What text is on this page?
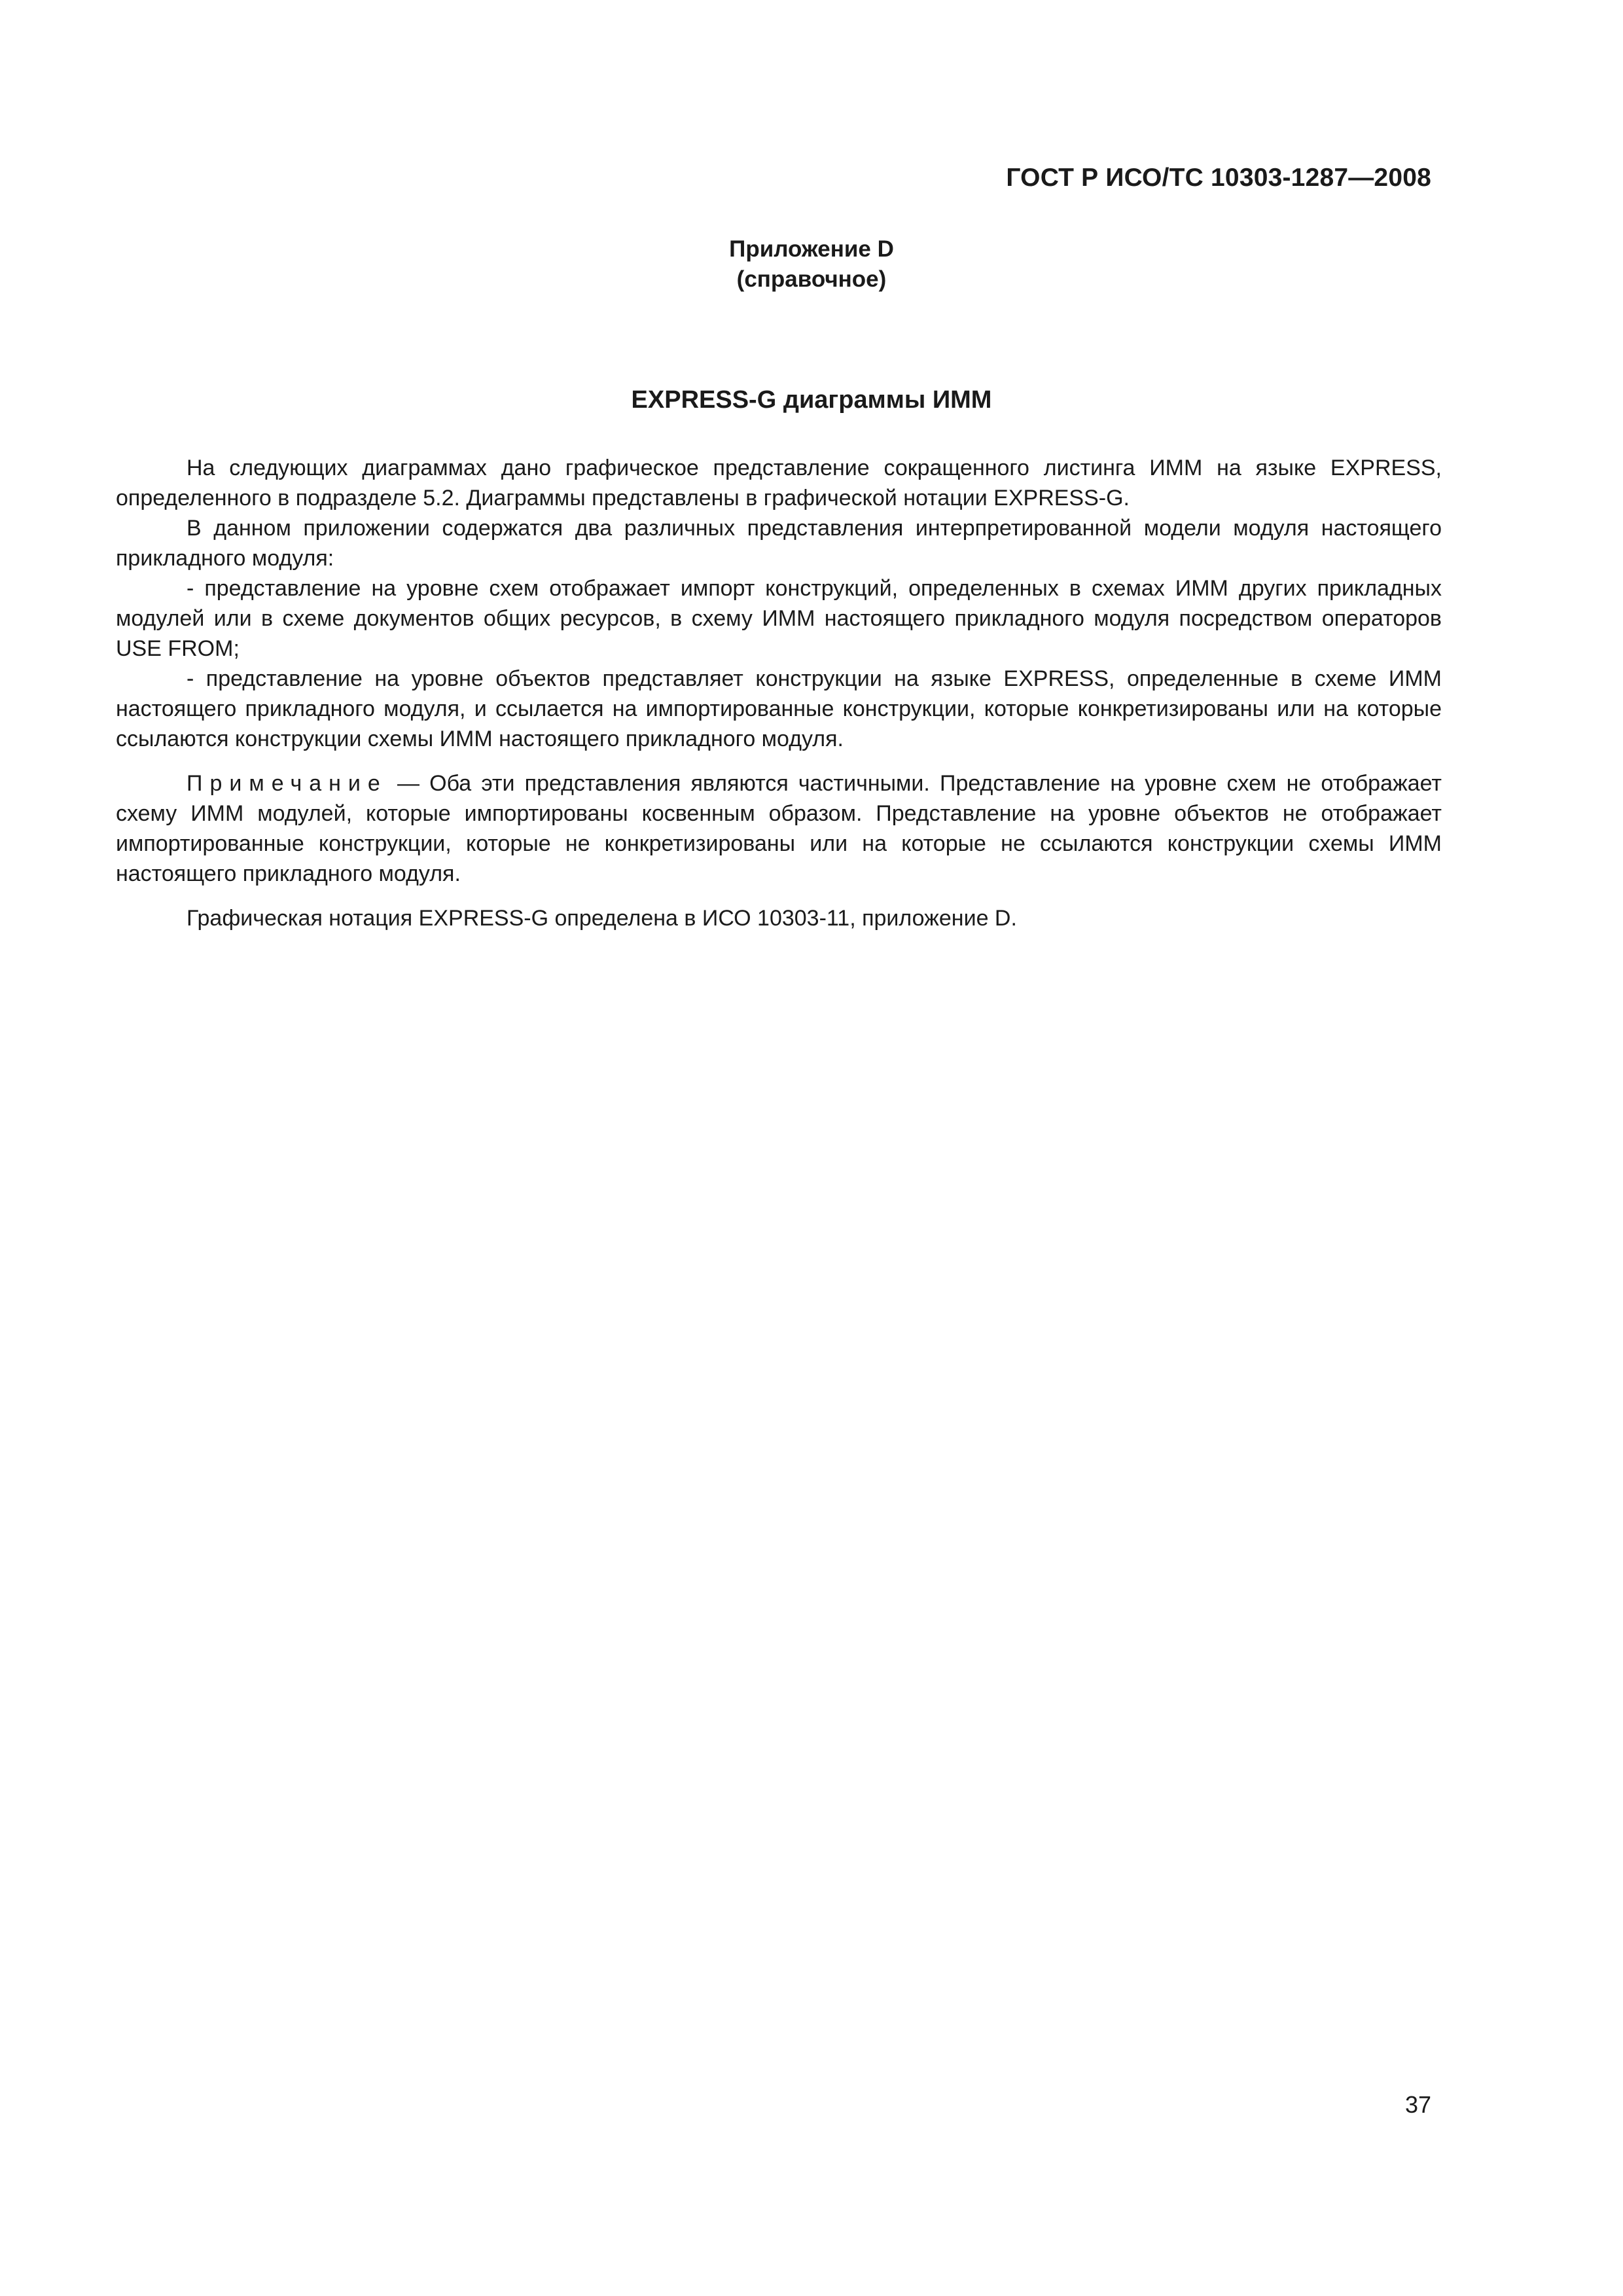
ГОСТ Р ИСО/ТС 10303-1287—2008
Приложение D
(справочное)
EXPRESS-G диаграммы ИММ

На следующих диаграммах дано графическое представление сокращенного листинга ИММ на языке EXPRESS, определенного в подразделе 5.2. Диаграммы представлены в графической нотации EXPRESS-G.

В данном приложении содержатся два различных представления интерпретированной модели модуля настоящего прикладного модуля:

- представление на уровне схем отображает импорт конструкций, определенных в схемах ИММ других прикладных модулей или в схеме документов общих ресурсов, в схему ИММ настоящего прикладного модуля посредством операторов USE FROM;

- представление на уровне объектов представляет конструкции на языке EXPRESS, определенные в схеме ИММ настоящего прикладного модуля, и ссылается на импортированные конструкции, которые конкретизированы или на которые ссылаются конструкции схемы ИММ настоящего прикладного модуля.

Примечание — Оба эти представления являются частичными. Представление на уровне схем не отображает схему ИММ модулей, которые импортированы косвенным образом. Представление на уровне объектов не отображает импортированные конструкции, которые не конкретизированы или на которые не ссылаются конструкции схемы ИММ настоящего прикладного модуля.

Графическая нотация EXPRESS-G определена в ИСО 10303-11, приложение D.

37
